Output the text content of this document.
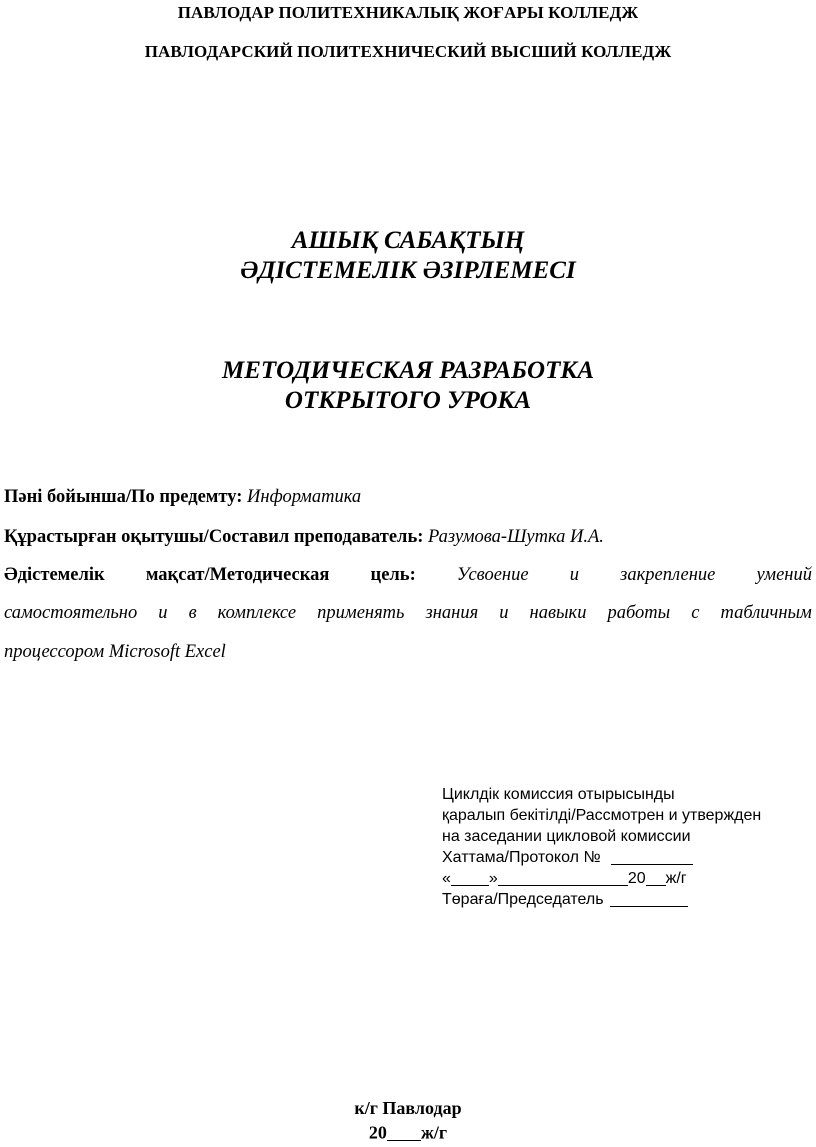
ПАВЛОДАР ПОЛИТЕХНИКАЛЫҚ ЖОҒАРЫ КОЛЛЕДЖ
ПАВЛОДАРСКИЙ ПОЛИТЕХНИЧЕСКИЙ ВЫСШИЙ КОЛЛЕДЖ
АШЫҚ САБАҚТЫҢ
ӘДІСТЕМЕЛІК ӘЗІРЛЕМЕСІ
МЕТОДИЧЕСКАЯ РАЗРАБОТКА
ОТКРЫТОГО УРОКА
Пәні бойынша/По предемту: Информатика
Құрастырған оқытушы/Составил преподаватель: Разумова-Шутка И.А.
Әдістемелік мақсат/Методическая цель: Усвоение и закрепление умений
самостоятельно и в комплексе применять знания и навыки работы с табличным
процессором Microsoft Excel
Циклдік комиссия отырысынды
қаралып бекітілді/Рассмотрен и утвержден
на заседании цикловой комиссии
Хаттама/Протокол №
« »	20 ж/г
Төраға/Председатель
к/г Павлодар
20 ж/г
